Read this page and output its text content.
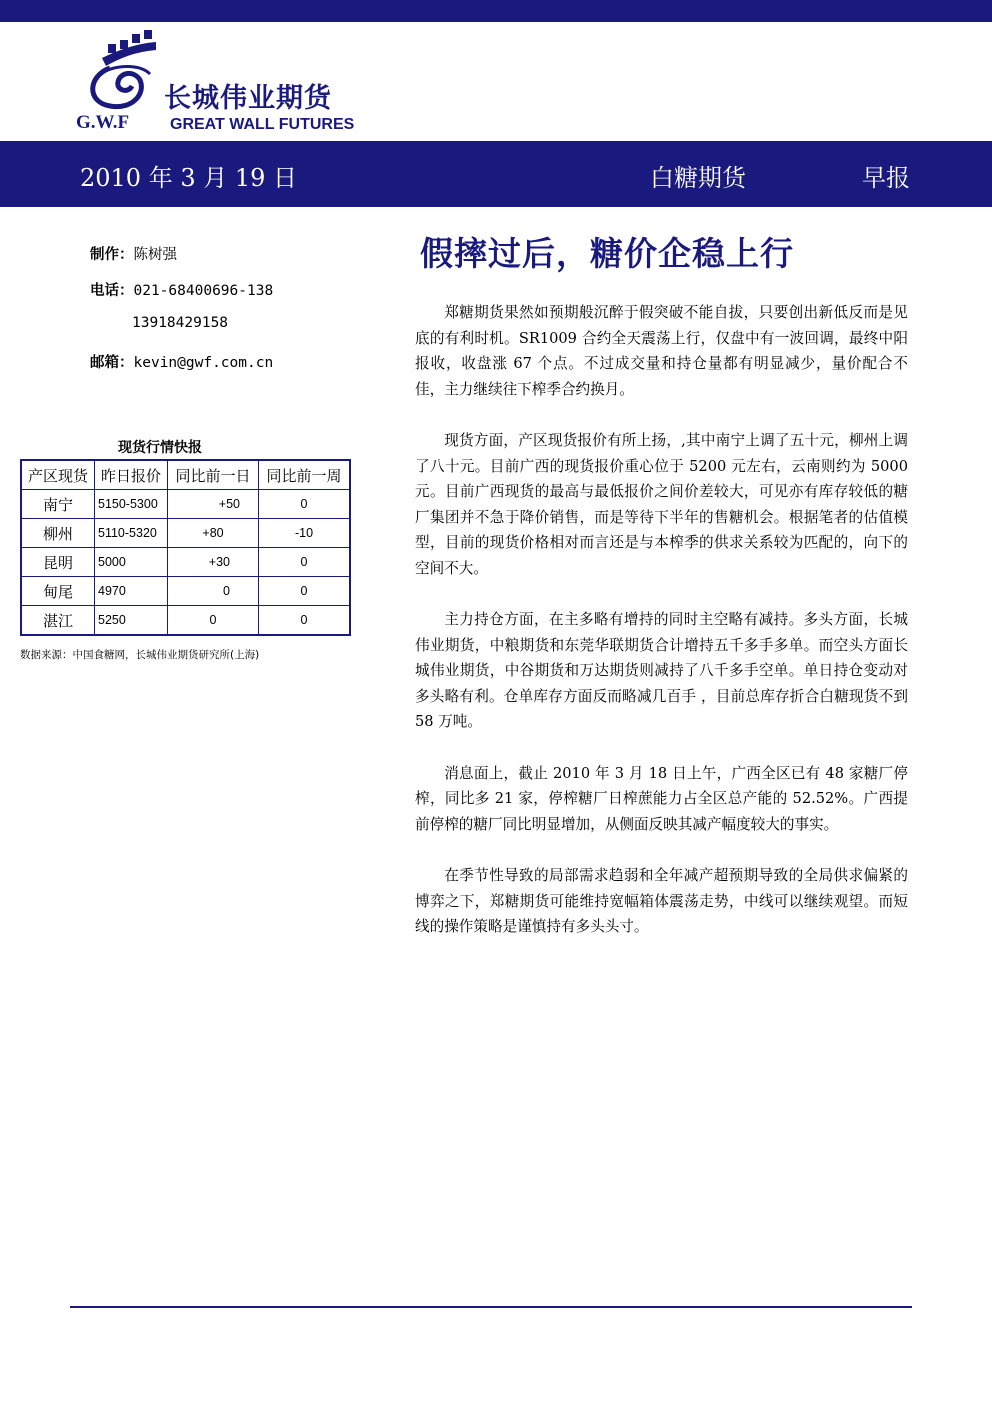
G.W.F
长城伟业期货
GREAT WALL FUTURES
2010 年 3 月 19 日	白糖期货	早报
制作：陈树强
电话：021-68400696-138
13918429158
邮箱：kevin@gwf.com.cn
现货行情快报
产区现货	昨日报价	同比前一日	同比前一周
南宁	5150-5300	+50	0
柳州	5110-5320	+80	-10
昆明	5000	+30	0
甸尾	4970	0	0
湛江	5250	0	0
数据来源：中国食糖网，长城伟业期货研究所(上海)
假摔过后，糖价企稳上行

郑糖期货果然如预期般沉醉于假突破不能自拔，只要创出新低反而是见底的有利时机。SR1009 合约全天震荡上行，仅盘中有一波回调，最终中阳报收，收盘涨 67 个点。不过成交量和持仓量都有明显减少，量价配合不佳，主力继续往下榨季合约换月。

现货方面，产区现货报价有所上扬，,其中南宁上调了五十元，柳州上调了八十元。目前广西的现货报价重心位于 5200 元左右，云南则约为 5000 元。目前广西现货的最高与最低报价之间价差较大，可见亦有库存较低的糖厂集团并不急于降价销售，而是等待下半年的售糖机会。根据笔者的估值模型，目前的现货价格相对而言还是与本榨季的供求关系较为匹配的，向下的空间不大。

主力持仓方面，在主多略有增持的同时主空略有减持。多头方面，长城伟业期货，中粮期货和东莞华联期货合计增持五千多手多单。而空头方面长城伟业期货，中谷期货和万达期货则减持了八千多手空单。单日持仓变动对多头略有利。仓单库存方面反而略减几百手 ，目前总库存折合白糖现货不到 58 万吨。

消息面上，截止 2010 年 3 月 18 日上午，广西全区已有 48 家糖厂停榨，同比多 21 家，停榨糖厂日榨蔗能力占全区总产能的 52.52%。广西提前停榨的糖厂同比明显增加，从侧面反映其减产幅度较大的事实。

在季节性导致的局部需求趋弱和全年减产超预期导致的全局供求偏紧的博弈之下，郑糖期货可能维持宽幅箱体震荡走势，中线可以继续观望。而短线的操作策略是谨慎持有多头头寸。
